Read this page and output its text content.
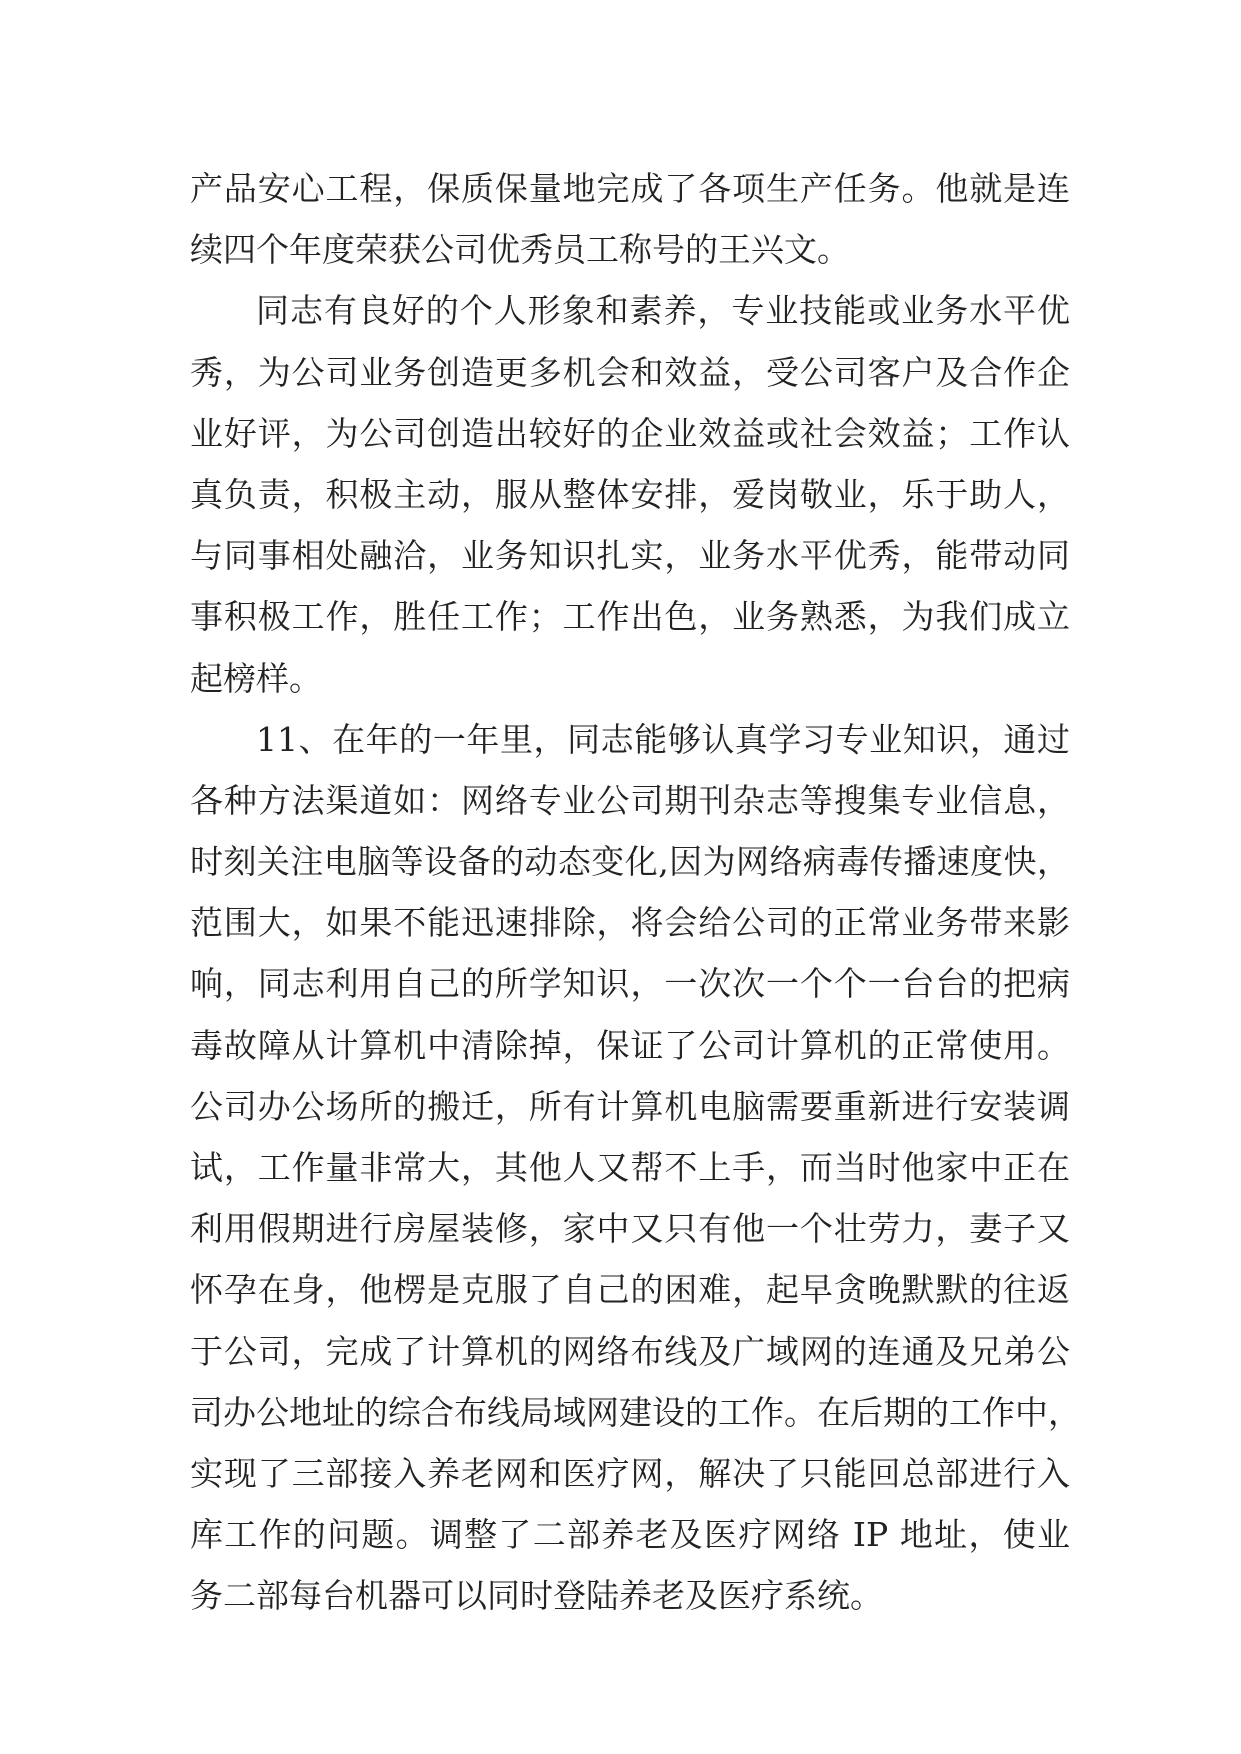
产品安心工程，保质保量地完成了各项生产任务。他就是连
续四个年度荣获公司优秀员工称号的王兴文。

同志有良好的个人形象和素养，专业技能或业务水平优
秀，为公司业务创造更多机会和效益，受公司客户及合作企
业好评，为公司创造出较好的企业效益或社会效益；工作认
真负责，积极主动，服从整体安排，爱岗敬业，乐于助人，
与同事相处融洽，业务知识扎实，业务水平优秀，能带动同
事积极工作，胜任工作；工作出色，业务熟悉，为我们成立
起榜样。

11、在年的一年里，同志能够认真学习专业知识，通过
各种方法渠道如：网络专业公司期刊杂志等搜集专业信息，
时刻关注电脑等设备的动态变化,因为网络病毒传播速度快，
范围大，如果不能迅速排除，将会给公司的正常业务带来影
响，同志利用自己的所学知识，一次次一个个一台台的把病
毒故障从计算机中清除掉，保证了公司计算机的正常使用。
公司办公场所的搬迁，所有计算机电脑需要重新进行安装调
试，工作量非常大，其他人又帮不上手，而当时他家中正在
利用假期进行房屋装修，家中又只有他一个壮劳力，妻子又
怀孕在身，他楞是克服了自己的困难，起早贪晚默默的往返
于公司，完成了计算机的网络布线及广域网的连通及兄弟公
司办公地址的综合布线局域网建设的工作。在后期的工作中，
实现了三部接入养老网和医疗网，解决了只能回总部进行入
库工作的问题。调整了二部养老及医疗网络 IP 地址，使业
务二部每台机器可以同时登陆养老及医疗系统。
